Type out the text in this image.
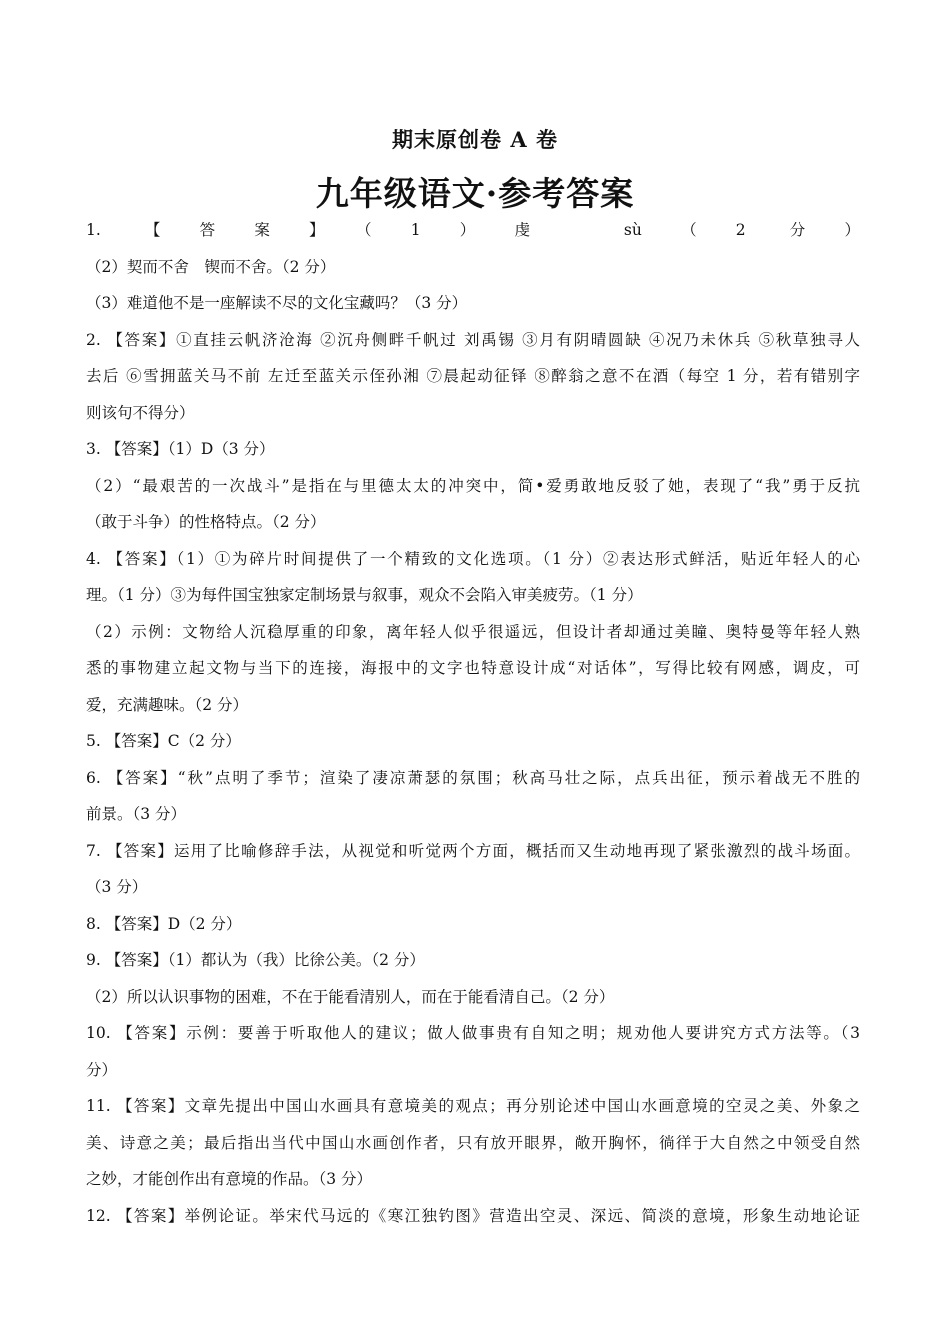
期末原创卷 A 卷
九年级语文·参考答案
1. 【答案】（1）虔　sù（2 分）
（2）契而不舍　锲而不舍。（2 分）
（3）难道他不是一座解读不尽的文化宝藏吗？（3 分）
2. 【答案】①直挂云帆济沧海 ②沉舟侧畔千帆过 刘禹锡 ③月有阴晴圆缺 ④况乃未休兵 ⑤秋草独寻人
去后 ⑥雪拥蓝关马不前 左迁至蓝关示侄孙湘 ⑦晨起动征铎 ⑧醉翁之意不在酒（每空 1 分，若有错别字
则该句不得分）
3. 【答案】（1）D（3 分）
（2）“最艰苦的一次战斗”是指在与里德太太的冲突中，简•爱勇敢地反驳了她，表现了“我”勇于反抗
（敢于斗争）的性格特点。（2 分）
4. 【答案】（1）①为碎片时间提供了一个精致的文化选项。（1 分）②表达形式鲜活，贴近年轻人的心
理。（1 分）③为每件国宝独家定制场景与叙事，观众不会陷入审美疲劳。（1 分）
（2）示例：文物给人沉稳厚重的印象，离年轻人似乎很遥远，但设计者却通过美瞳、奥特曼等年轻人熟
悉的事物建立起文物与当下的连接，海报中的文字也特意设计成“对话体”，写得比较有网感，调皮，可
爱，充满趣味。（2 分）
5. 【答案】C（2 分）
6. 【答案】“秋”点明了季节；渲染了凄凉萧瑟的氛围；秋高马壮之际，点兵出征，预示着战无不胜的
前景。（3 分）
7. 【答案】运用了比喻修辞手法，从视觉和听觉两个方面，概括而又生动地再现了紧张激烈的战斗场面。
（3 分）
8. 【答案】D（2 分）
9. 【答案】（1）都认为（我）比徐公美。（2 分）
（2）所以认识事物的困难，不在于能看清别人，而在于能看清自己。（2 分）
10. 【答案】示例：要善于听取他人的建议；做人做事贵有自知之明；规劝他人要讲究方式方法等。（3
分）
11. 【答案】文章先提出中国山水画具有意境美的观点；再分别论述中国山水画意境的空灵之美、外象之
美、诗意之美；最后指出当代中国山水画创作者，只有放开眼界，敞开胸怀，徜徉于大自然之中领受自然
之妙，才能创作出有意境的作品。（3 分）
12. 【答案】举例论证。举宋代马远的《寒江独钓图》营造出空灵、深远、简淡的意境，形象生动地论证
